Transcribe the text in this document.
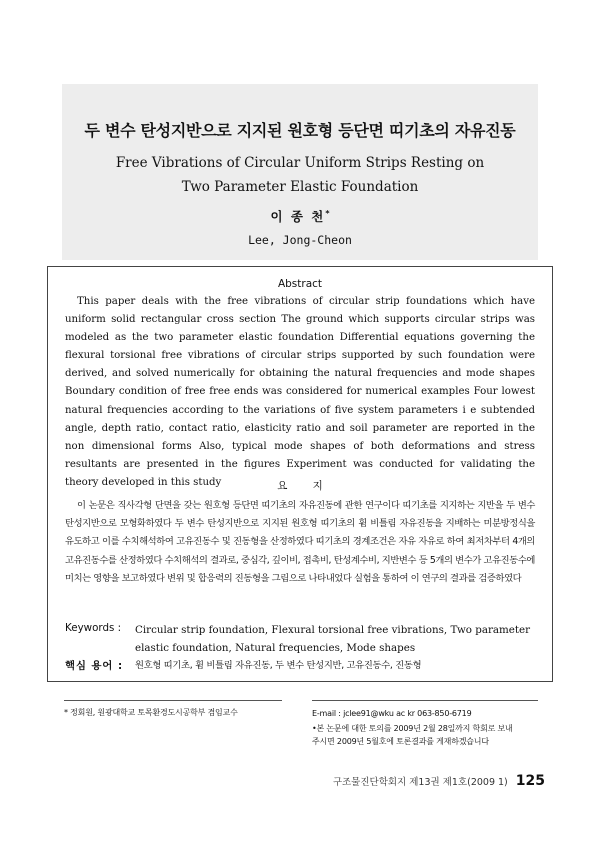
두 변수 탄성지반으로 지지된 원호형 등단면 띠기초의 자유진동
Free Vibrations of Circular Uniform Strips Resting on
Two Parameter Elastic Foundation
이 종 천*
Lee, Jong-Cheon
Abstract
This paper deals with the free vibrations of circular strip foundations which have uniform solid rectangular cross section The ground which supports circular strips was modeled as the two parameter elastic foundation Differential equations governing the flexural torsional free vibrations of circular strips supported by such foundation were derived, and solved numerically for obtaining the natural frequencies and mode shapes Boundary condition of free free ends was considered for numerical examples Four lowest natural frequencies according to the variations of five system parameters i e subtended angle, depth ratio, contact ratio, elasticity ratio and soil parameter are reported in the non dimensional forms Also, typical mode shapes of both deformations and stress resultants are presented in the figures Experiment was conducted for validating the theory developed in this study	요 지
이 논문은 직사각형 단면을 갖는 원호형 등단면 띠기초의 자유진동에 관한 연구이다 띠기초를 지지하는 지반을 두 변수 탄성지반으로 모형화하였다 두 변수 탄성지반으로 지지된 원호형 띠기초의 휨 비틀림 자유진동을 지배하는 미분방정식을 유도하고 이를 수치해석하여 고유진동수 및 진동형을 산정하였다 띠기초의 경계조건은 자유 자유로 하여 최저차부터 4개의 고유진동수를 산정하였다 수치해석의 결과로, 중심각, 깊이비, 접촉비, 탄성계수비, 지반변수 등 5개의 변수가 고유진동수에 미치는 영향을 보고하였다 변위 및 합응력의 진동형을 그림으로 나타내었다 실험을 통하여 이 연구의 결과를 검증하였다
Keywords :	Circular strip foundation, Flexural torsional free vibrations, Two parameter elastic foundation, Natural frequencies, Mode shapes
핵심 용어 :	원호형 띠기초, 휨 비틀림 자유진동, 두 변수 탄성지반, 고유진동수, 진동형
* 정회원, 원광대학교 토목환경도시공학부 겸임교수	E-mail : jclee91@wku ac kr 063-850-6719
•본 논문에 대한 토의를 2009년 2월 28일까지 학회로 보내
주시면 2009년 5월호에 토론결과를 게재하겠습니다
구조물진단학회지 제13권 제1호(2009 1) 125
